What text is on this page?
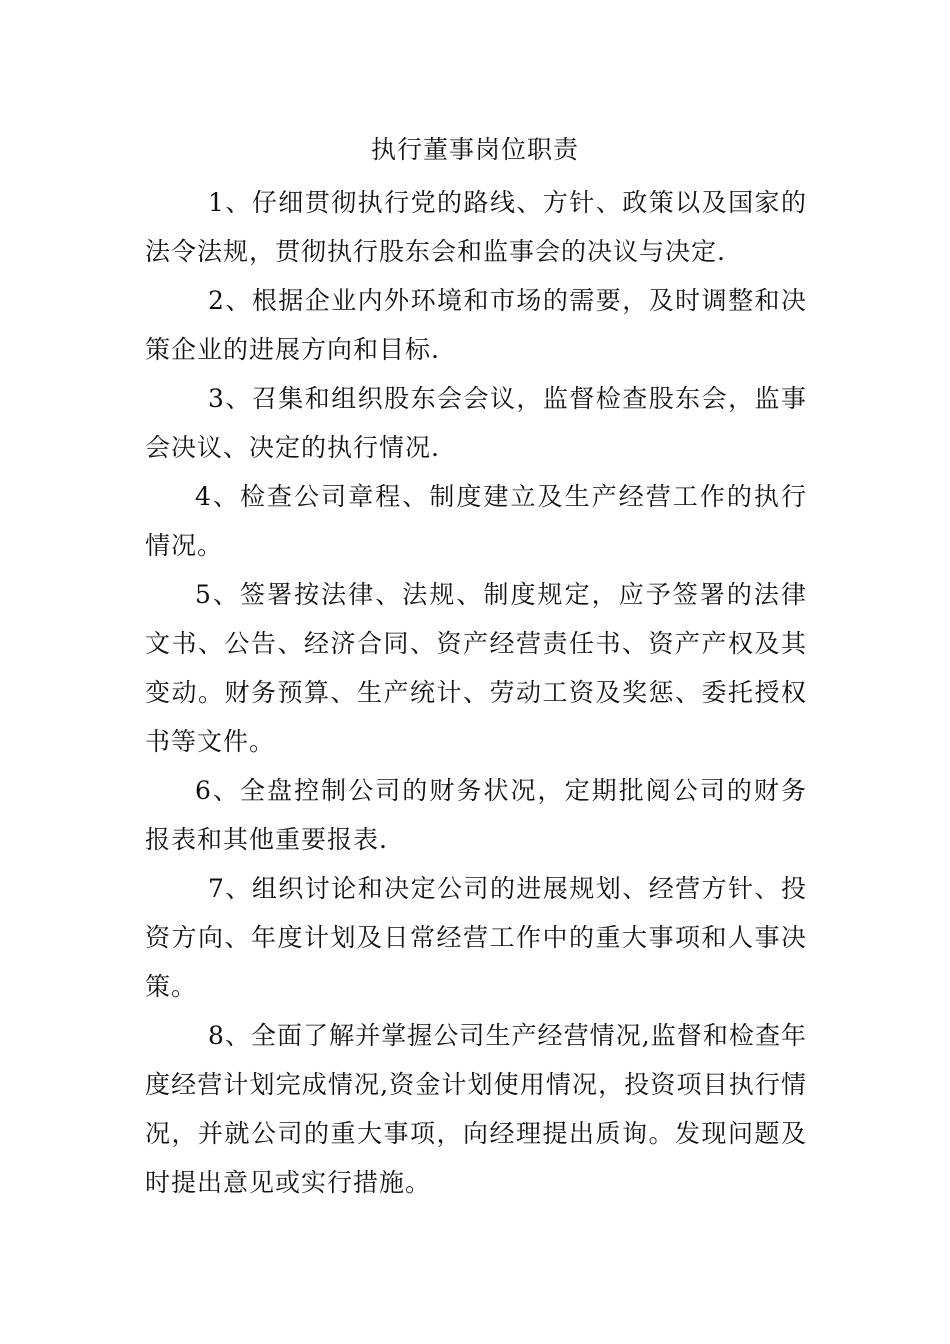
执行董事岗位职责

1、仔细贯彻执行党的路线、方针、政策以及国家的法令法规，贯彻执行股东会和监事会的决议与决定.

2、根据企业内外环境和市场的需要，及时调整和决策企业的进展方向和目标.

3、召集和组织股东会会议，监督检查股东会，监事会决议、决定的执行情况.

4、检查公司章程、制度建立及生产经营工作的执行情况。

5、签署按法律、法规、制度规定，应予签署的法律文书、公告、经济合同、资产经营责任书、资产产权及其变动。财务预算、生产统计、劳动工资及奖惩、委托授权书等文件。

6、全盘控制公司的财务状况，定期批阅公司的财务报表和其他重要报表.

7、组织讨论和决定公司的进展规划、经营方针、投资方向、年度计划及日常经营工作中的重大事项和人事决策。

8、全面了解并掌握公司生产经营情况,监督和检查年度经营计划完成情况,资金计划使用情况，投资项目执行情况，并就公司的重大事项，向经理提出质询。发现问题及时提出意见或实行措施。
